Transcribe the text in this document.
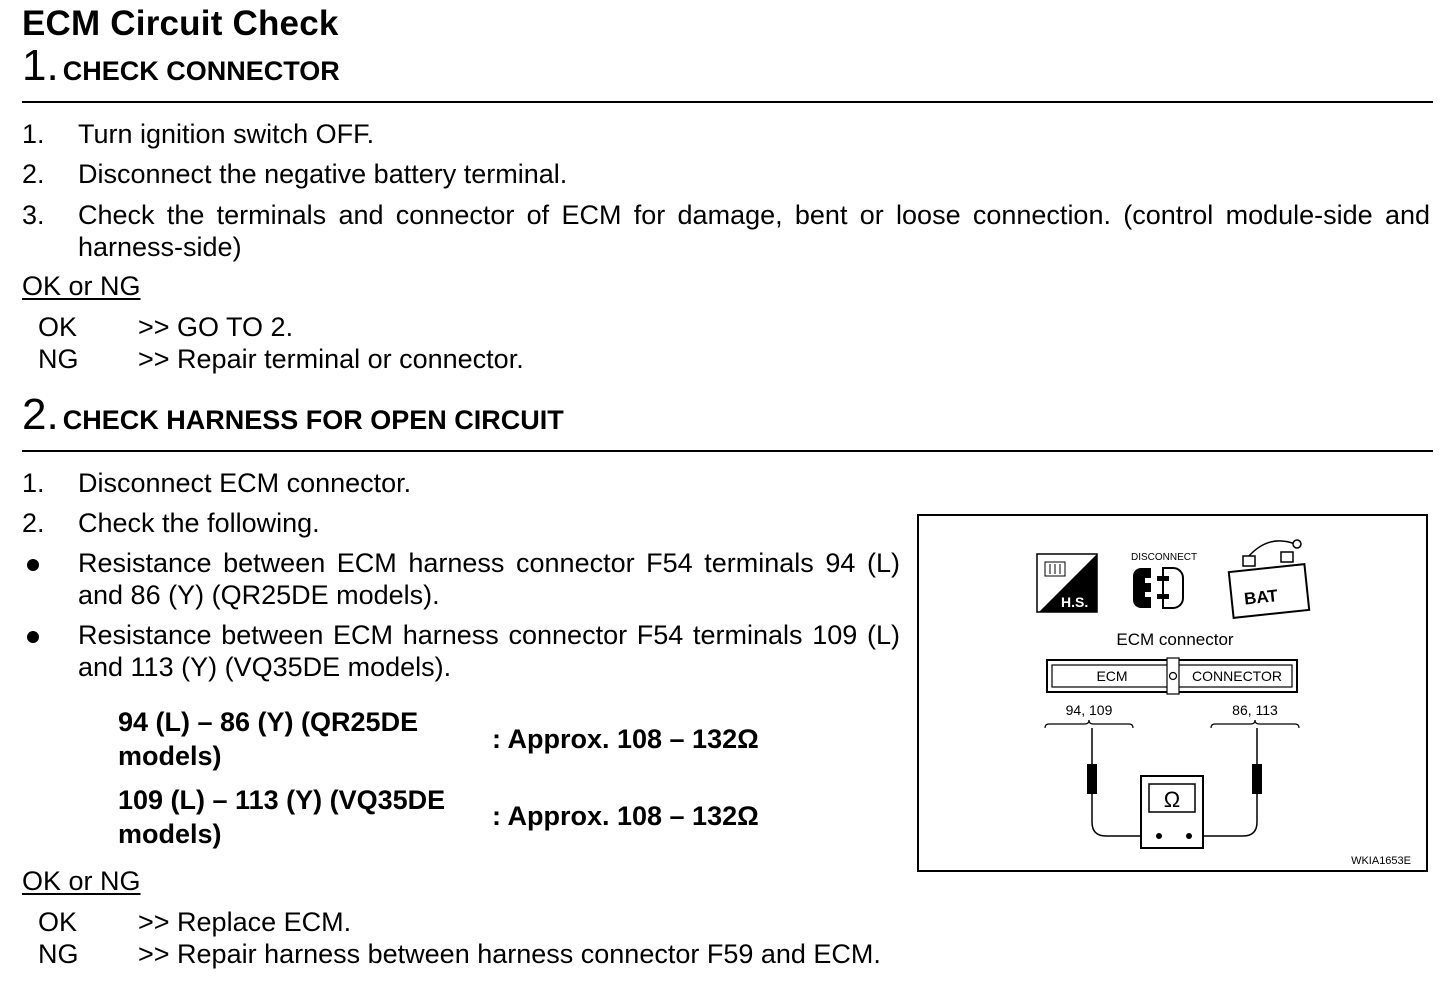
ECM Circuit Check
1. CHECK CONNECTOR
1.	Turn ignition switch OFF.
2.	Disconnect the negative battery terminal.
3.	Check the terminals and connector of ECM for damage, bent or loose connection. (control module-side and harness-side)
OK or NG
OK	>> GO TO 2.
NG	>> Repair terminal or connector.
2. CHECK HARNESS FOR OPEN CIRCUIT
1.	Disconnect ECM connector.
2.	Check the following.
Resistance between ECM harness connector F54 terminals 94 (L) and 86 (Y) (QR25DE models).
Resistance between ECM harness connector F54 terminals 109 (L) and 113 (Y) (VQ35DE models).
94 (L) – 86 (Y) (QR25DE models)
: Approx. 108 – 132Ω
109 (L) – 113 (Y) (VQ35DE models)
: Approx. 108 – 132Ω
OK or NG
OK	>> Replace ECM.
NG	>> Repair harness between harness connector F59 and ECM.
H.S.
DISCONNECT
BAT
ECM connector
ECM	CONNECTOR
94, 109	86, 113
Ω
WKIA1653E
